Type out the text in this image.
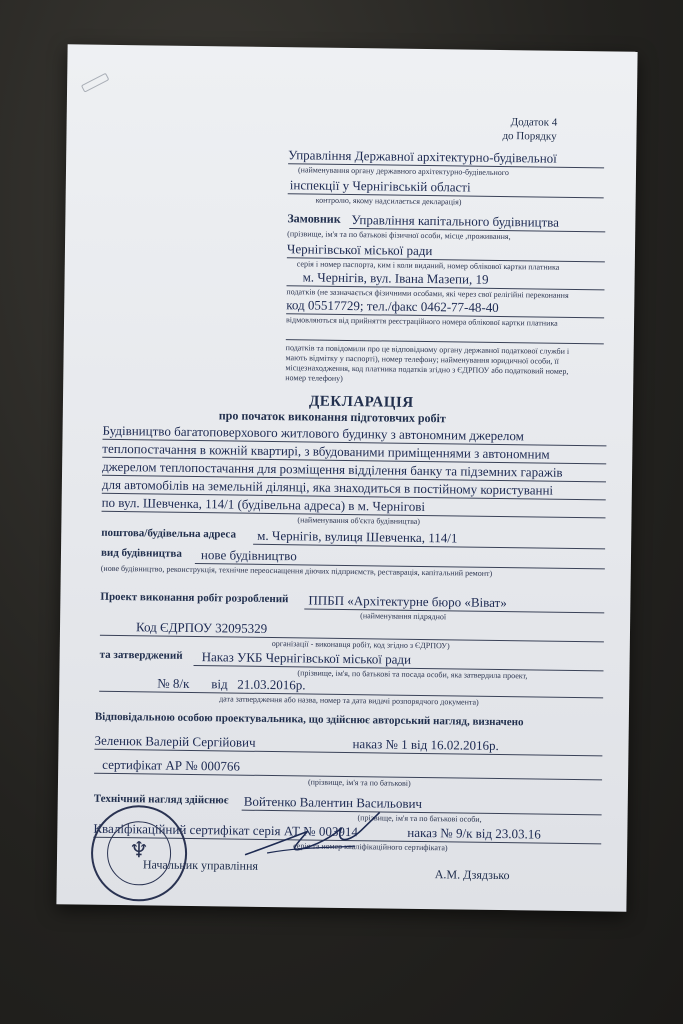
Додаток 4
до Порядку
Управління Державної архітектурно-будівельної
(найменування органу державного архітектурно-будівельного
інспекції у Чернігівській області
контролю, якому надсилається декларація)
Замовник Управління капітального будівництва
(прізвище, ім'я та по батькові фізичної особи, місце ,проживання,
Чернігівської міської ради
серія і номер паспорта, ким і коли виданий, номер облікової картки платника
м. Чернігів, вул. Івана Мазепи, 19
податків (не зазначається фізичними особами, які через свої релігійні переконання
код 05517729; тел./факс 0462-77-48-40
відмовляються від прийняття реєстраційного номера облікової картки платника
податків та повідомили про це відповідному органу державної податкової служби і
мають відмітку у паспорті), номер телефону; найменування юридичної особи, її
місцезнаходження, код платника податків згідно з ЄДРПОУ або податковий номер,
номер телефону)
ДЕКЛАРАЦІЯ
про початок виконання підготовчих робіт
Будівництво багатоповерхового житлового будинку з автономним джерелом
теплопостачання в кожній квартирі, з вбудованими приміщеннями з автономним
джерелом теплопостачання для розміщення відділення банку та підземних гаражів
для автомобілів на земельній ділянці, яка знаходиться в постійному користуванні
по вул. Шевченка, 114/1 (будівельна адреса) в м. Чернігові
(найменування об'єкта будівництва)
поштова/будівельна адреса м. Чернігів, вулиця Шевченка, 114/1
вид будівництва нове будівництво
(нове будівництво, реконструкція, технічне переоснащення діючих підприємств, реставрація, капітальний ремонт)
Проект виконання робіт розроблений ППБП «Архітектурне бюро «Віват»
(найменування підрядної
Код ЄДРПОУ 32095329
організації - виконавця робіт, код згідно з ЄДРПОУ)
та затверджений Наказ УКБ Чернігівської міської ради
(прізвище, ім'я, по батькові та посада особи, яка затвердила проект,
№ 8/к від 21.03.2016р.
дата затвердження або назва, номер та дата видачі розпорядчого документа)
Відповідальною особою проектувальника, що здійснює авторський нагляд, визначено
Зеленюк Валерій Сергійович	наказ № 1 від 16.02.2016р.
сертифікат АР № 000766
(прізвище, ім'я та по батькові)
Технічний нагляд здійснює Войтенко Валентин Васильович
(прізвище, ім'я та по батькові особи,
Кваліфікаційний сертифікат серія АТ № 003914	наказ № 9/к від 23.03.16
серія та номер кваліфікаційного сертифіката)
Начальник управління
А.М. Дзядзько
♆
